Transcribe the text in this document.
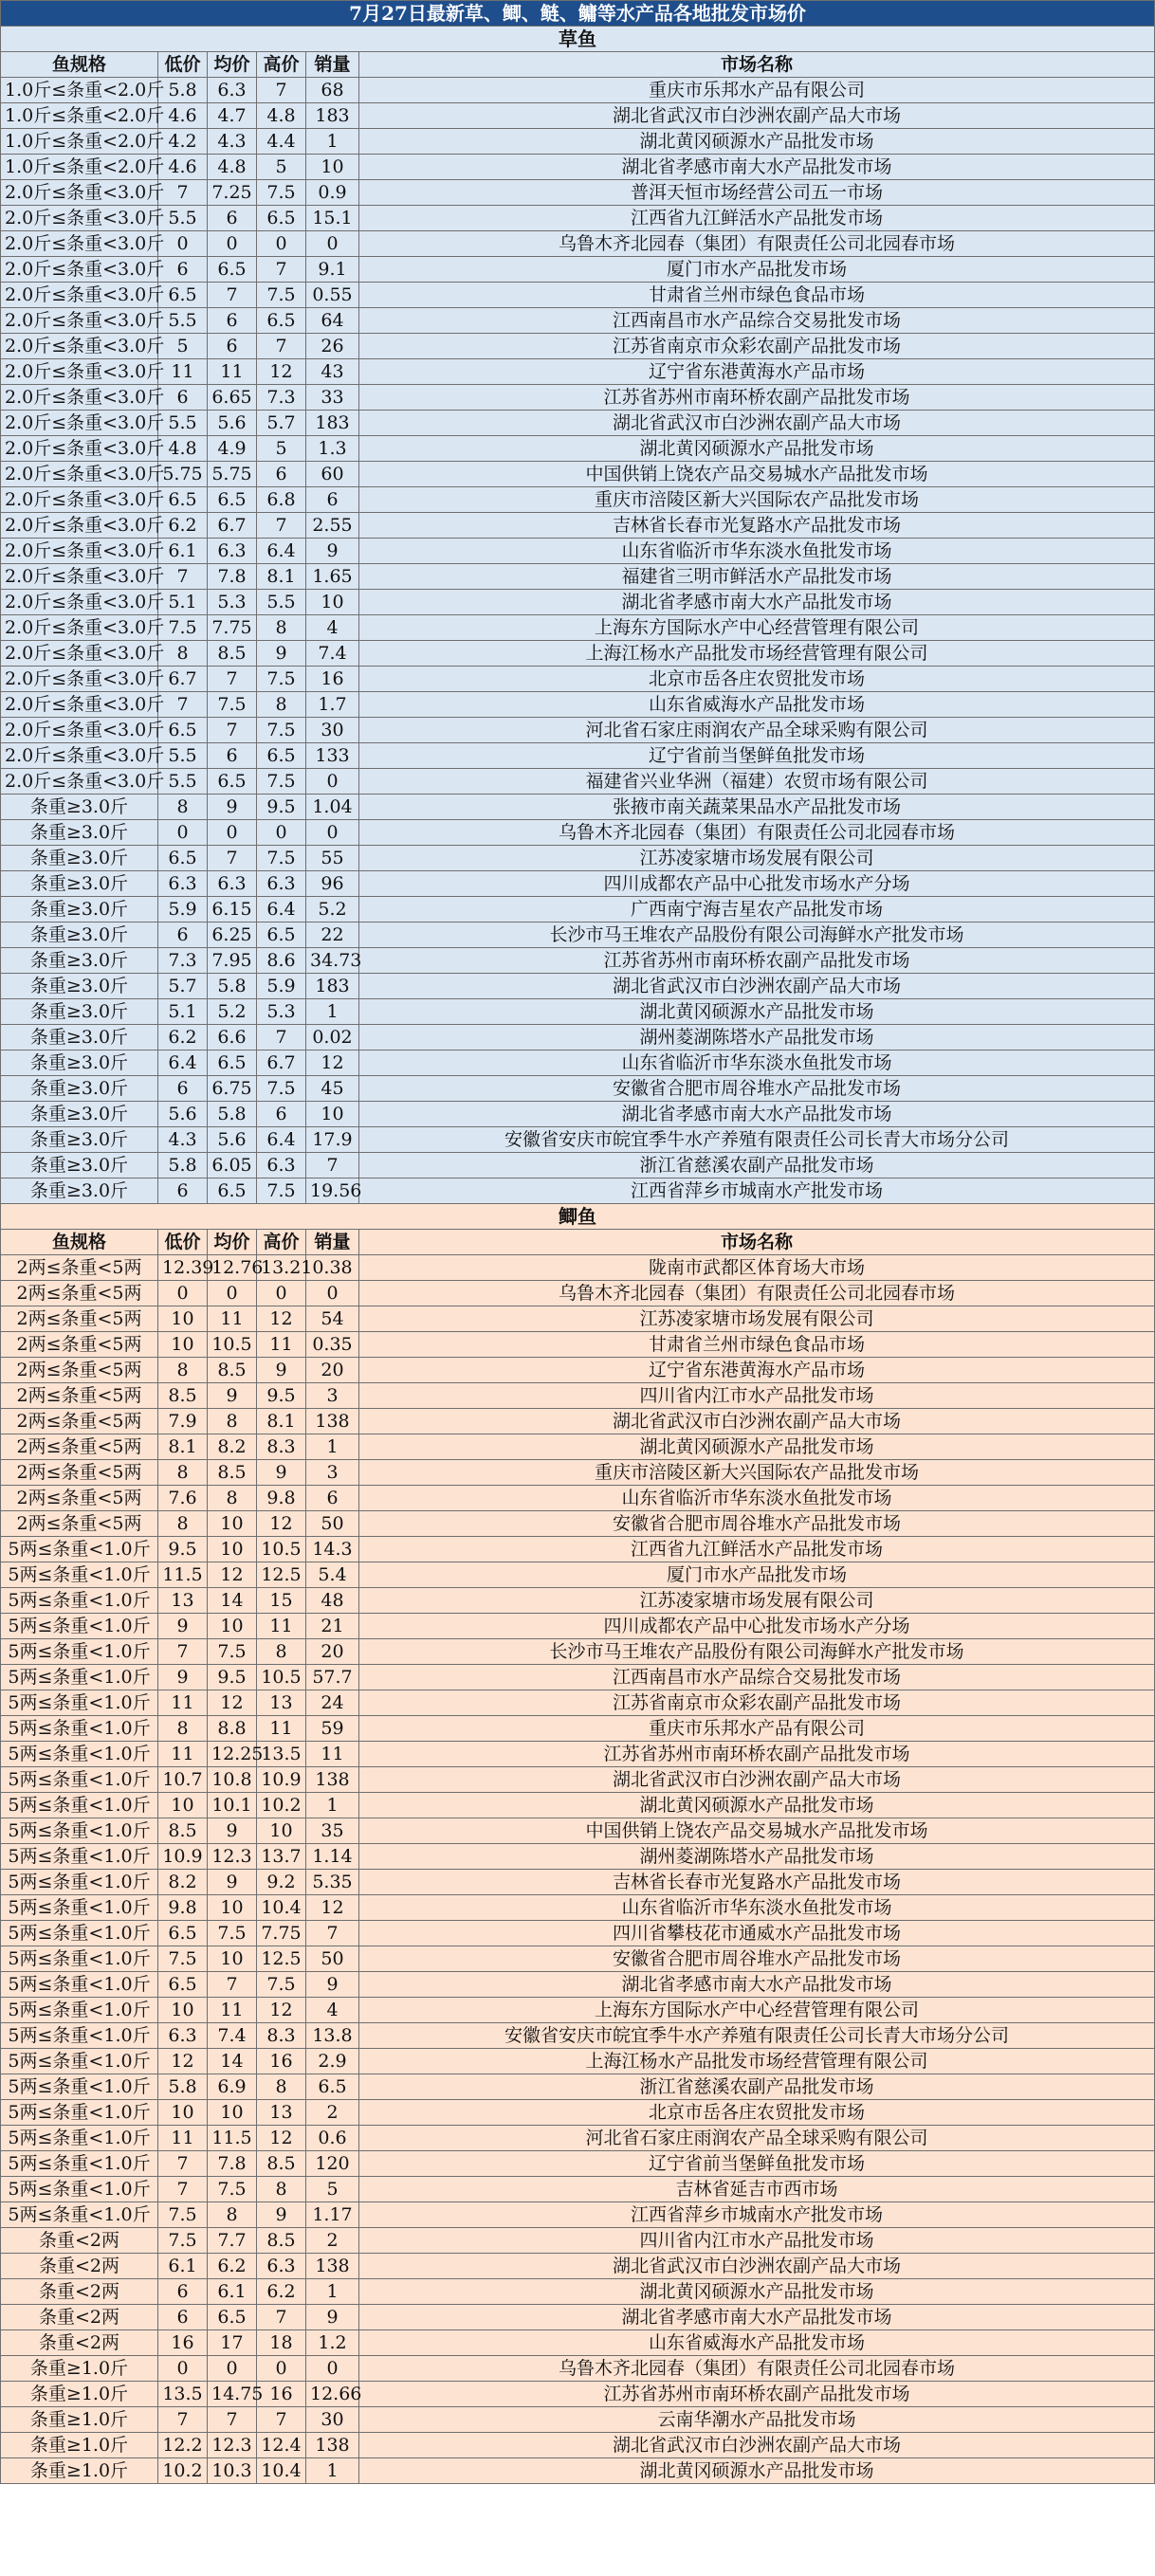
7月27日最新草、鲫、鲢、鳙等水产品各地批发市场价					
草鱼					
鱼规格	低价	均价	高价	销量	市场名称
1.0斤≤条重<2.0斤	5.8	6.3	7	68	重庆市乐邦水产品有限公司
1.0斤≤条重<2.0斤	4.6	4.7	4.8	183	湖北省武汉市白沙洲农副产品大市场
1.0斤≤条重<2.0斤	4.2	4.3	4.4	1	湖北黄冈硕源水产品批发市场
1.0斤≤条重<2.0斤	4.6	4.8	5	10	湖北省孝感市南大水产品批发市场
2.0斤≤条重<3.0斤	7	7.25	7.5	0.9	普洱天恒市场经营公司五一市场
2.0斤≤条重<3.0斤	5.5	6	6.5	15.1	江西省九江鲜活水产品批发市场
2.0斤≤条重<3.0斤	0	0	0	0	乌鲁木齐北园春（集团）有限责任公司北园春市场
2.0斤≤条重<3.0斤	6	6.5	7	9.1	厦门市水产品批发市场
2.0斤≤条重<3.0斤	6.5	7	7.5	0.55	甘肃省兰州市绿色食品市场
2.0斤≤条重<3.0斤	5.5	6	6.5	64	江西南昌市水产品综合交易批发市场
2.0斤≤条重<3.0斤	5	6	7	26	江苏省南京市众彩农副产品批发市场
2.0斤≤条重<3.0斤	11	11	12	43	辽宁省东港黄海水产品市场
2.0斤≤条重<3.0斤	6	6.65	7.3	33	江苏省苏州市南环桥农副产品批发市场
2.0斤≤条重<3.0斤	5.5	5.6	5.7	183	湖北省武汉市白沙洲农副产品大市场
2.0斤≤条重<3.0斤	4.8	4.9	5	1.3	湖北黄冈硕源水产品批发市场
2.0斤≤条重<3.0斤	5.75	5.75	6	60	中国供销上饶农产品交易城水产品批发市场
2.0斤≤条重<3.0斤	6.5	6.5	6.8	6	重庆市涪陵区新大兴国际农产品批发市场
2.0斤≤条重<3.0斤	6.2	6.7	7	2.55	吉林省长春市光复路水产品批发市场
2.0斤≤条重<3.0斤	6.1	6.3	6.4	9	山东省临沂市华东淡水鱼批发市场
2.0斤≤条重<3.0斤	7	7.8	8.1	1.65	福建省三明市鲜活水产品批发市场
2.0斤≤条重<3.0斤	5.1	5.3	5.5	10	湖北省孝感市南大水产品批发市场
2.0斤≤条重<3.0斤	7.5	7.75	8	4	上海东方国际水产中心经营管理有限公司
2.0斤≤条重<3.0斤	8	8.5	9	7.4	上海江杨水产品批发市场经营管理有限公司
2.0斤≤条重<3.0斤	6.7	7	7.5	16	北京市岳各庄农贸批发市场
2.0斤≤条重<3.0斤	7	7.5	8	1.7	山东省威海水产品批发市场
2.0斤≤条重<3.0斤	6.5	7	7.5	30	河北省石家庄雨润农产品全球采购有限公司
2.0斤≤条重<3.0斤	5.5	6	6.5	133	辽宁省前当堡鲜鱼批发市场
2.0斤≤条重<3.0斤	5.5	6.5	7.5	0	福建省兴业华洲（福建）农贸市场有限公司
条重≥3.0斤	8	9	9.5	1.04	张掖市南关蔬菜果品水产品批发市场
条重≥3.0斤	0	0	0	0	乌鲁木齐北园春（集团）有限责任公司北园春市场
条重≥3.0斤	6.5	7	7.5	55	江苏凌家塘市场发展有限公司
条重≥3.0斤	6.3	6.3	6.3	96	四川成都农产品中心批发市场水产分场
条重≥3.0斤	5.9	6.15	6.4	5.2	广西南宁海吉星农产品批发市场
条重≥3.0斤	6	6.25	6.5	22	长沙市马王堆农产品股份有限公司海鲜水产批发市场
条重≥3.0斤	7.3	7.95	8.6	34.73	江苏省苏州市南环桥农副产品批发市场
条重≥3.0斤	5.7	5.8	5.9	183	湖北省武汉市白沙洲农副产品大市场
条重≥3.0斤	5.1	5.2	5.3	1	湖北黄冈硕源水产品批发市场
条重≥3.0斤	6.2	6.6	7	0.02	湖州菱湖陈塔水产品批发市场
条重≥3.0斤	6.4	6.5	6.7	12	山东省临沂市华东淡水鱼批发市场
条重≥3.0斤	6	6.75	7.5	45	安徽省合肥市周谷堆水产品批发市场
条重≥3.0斤	5.6	5.8	6	10	湖北省孝感市南大水产品批发市场
条重≥3.0斤	4.3	5.6	6.4	17.9	安徽省安庆市皖宜季牛水产养殖有限责任公司长青大市场分公司
条重≥3.0斤	5.8	6.05	6.3	7	浙江省慈溪农副产品批发市场
条重≥3.0斤	6	6.5	7.5	19.56	江西省萍乡市城南水产批发市场
鲫鱼					
鱼规格	低价	均价	高价	销量	市场名称
2两≤条重<5两	12.39	12.76	13.21	0.38	陇南市武都区体育场大市场
2两≤条重<5两	0	0	0	0	乌鲁木齐北园春（集团）有限责任公司北园春市场
2两≤条重<5两	10	11	12	54	江苏凌家塘市场发展有限公司
2两≤条重<5两	10	10.5	11	0.35	甘肃省兰州市绿色食品市场
2两≤条重<5两	8	8.5	9	20	辽宁省东港黄海水产品市场
2两≤条重<5两	8.5	9	9.5	3	四川省内江市水产品批发市场
2两≤条重<5两	7.9	8	8.1	138	湖北省武汉市白沙洲农副产品大市场
2两≤条重<5两	8.1	8.2	8.3	1	湖北黄冈硕源水产品批发市场
2两≤条重<5两	8	8.5	9	3	重庆市涪陵区新大兴国际农产品批发市场
2两≤条重<5两	7.6	8	9.8	6	山东省临沂市华东淡水鱼批发市场
2两≤条重<5两	8	10	12	50	安徽省合肥市周谷堆水产品批发市场
5两≤条重<1.0斤	9.5	10	10.5	14.3	江西省九江鲜活水产品批发市场
5两≤条重<1.0斤	11.5	12	12.5	5.4	厦门市水产品批发市场
5两≤条重<1.0斤	13	14	15	48	江苏凌家塘市场发展有限公司
5两≤条重<1.0斤	9	10	11	21	四川成都农产品中心批发市场水产分场
5两≤条重<1.0斤	7	7.5	8	20	长沙市马王堆农产品股份有限公司海鲜水产批发市场
5两≤条重<1.0斤	9	9.5	10.5	57.7	江西南昌市水产品综合交易批发市场
5两≤条重<1.0斤	11	12	13	24	江苏省南京市众彩农副产品批发市场
5两≤条重<1.0斤	8	8.8	11	59	重庆市乐邦水产品有限公司
5两≤条重<1.0斤	11	12.25	13.5	11	江苏省苏州市南环桥农副产品批发市场
5两≤条重<1.0斤	10.7	10.8	10.9	138	湖北省武汉市白沙洲农副产品大市场
5两≤条重<1.0斤	10	10.1	10.2	1	湖北黄冈硕源水产品批发市场
5两≤条重<1.0斤	8.5	9	10	35	中国供销上饶农产品交易城水产品批发市场
5两≤条重<1.0斤	10.9	12.3	13.7	1.14	湖州菱湖陈塔水产品批发市场
5两≤条重<1.0斤	8.2	9	9.2	5.35	吉林省长春市光复路水产品批发市场
5两≤条重<1.0斤	9.8	10	10.4	12	山东省临沂市华东淡水鱼批发市场
5两≤条重<1.0斤	6.5	7.5	7.75	7	四川省攀枝花市通威水产品批发市场
5两≤条重<1.0斤	7.5	10	12.5	50	安徽省合肥市周谷堆水产品批发市场
5两≤条重<1.0斤	6.5	7	7.5	9	湖北省孝感市南大水产品批发市场
5两≤条重<1.0斤	10	11	12	4	上海东方国际水产中心经营管理有限公司
5两≤条重<1.0斤	6.3	7.4	8.3	13.8	安徽省安庆市皖宜季牛水产养殖有限责任公司长青大市场分公司
5两≤条重<1.0斤	12	14	16	2.9	上海江杨水产品批发市场经营管理有限公司
5两≤条重<1.0斤	5.8	6.9	8	6.5	浙江省慈溪农副产品批发市场
5两≤条重<1.0斤	10	10	13	2	北京市岳各庄农贸批发市场
5两≤条重<1.0斤	11	11.5	12	0.6	河北省石家庄雨润农产品全球采购有限公司
5两≤条重<1.0斤	7	7.8	8.5	120	辽宁省前当堡鲜鱼批发市场
5两≤条重<1.0斤	7	7.5	8	5	吉林省延吉市西市场
5两≤条重<1.0斤	7.5	8	9	1.17	江西省萍乡市城南水产批发市场
条重<2两	7.5	7.7	8.5	2	四川省内江市水产品批发市场
条重<2两	6.1	6.2	6.3	138	湖北省武汉市白沙洲农副产品大市场
条重<2两	6	6.1	6.2	1	湖北黄冈硕源水产品批发市场
条重<2两	6	6.5	7	9	湖北省孝感市南大水产品批发市场
条重<2两	16	17	18	1.2	山东省威海水产品批发市场
条重≥1.0斤	0	0	0	0	乌鲁木齐北园春（集团）有限责任公司北园春市场
条重≥1.0斤	13.5	14.75	16	12.66	江苏省苏州市南环桥农副产品批发市场
条重≥1.0斤	7	7	7	30	云南华潮水产品批发市场
条重≥1.0斤	12.2	12.3	12.4	138	湖北省武汉市白沙洲农副产品大市场
条重≥1.0斤	10.2	10.3	10.4	1	湖北黄冈硕源水产品批发市场
